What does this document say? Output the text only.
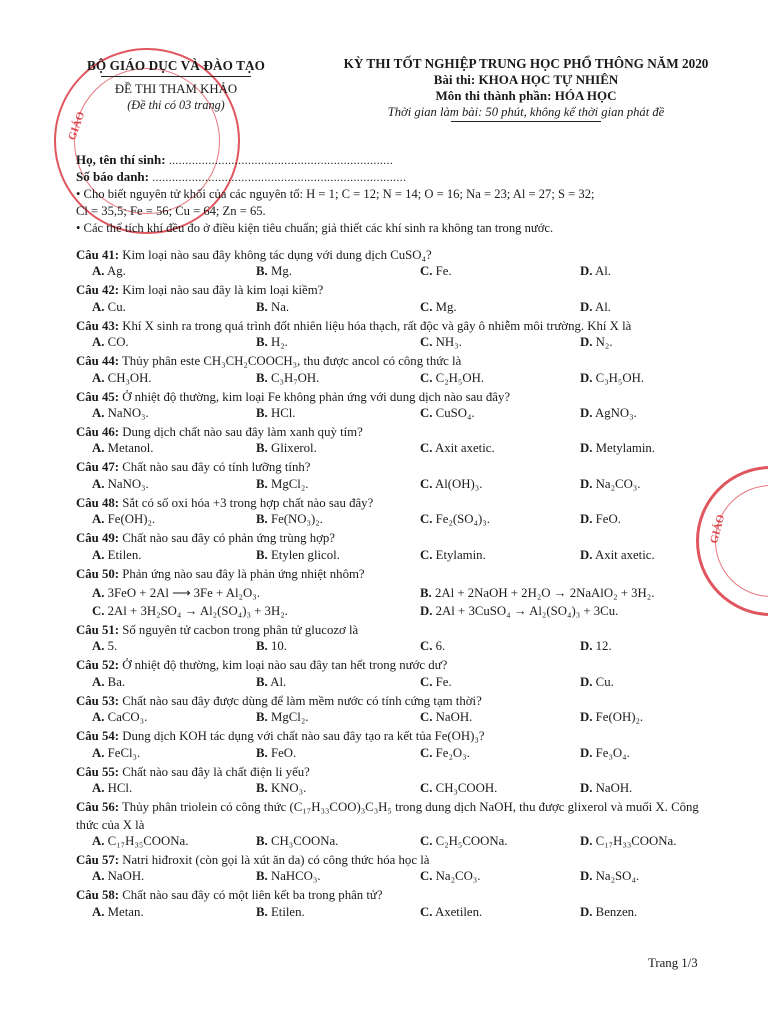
GIÁO
GIÁO
BỘ GIÁO DỤC VÀ ĐÀO TẠO
ĐỀ THI THAM KHẢO
(Đề thi có 03 trang)
KỲ THI TỐT NGHIỆP TRUNG HỌC PHỔ THÔNG NĂM 2020
Bài thi: KHOA HỌC TỰ NHIÊN
Môn thi thành phần: HÓA HỌC
Thời gian làm bài: 50 phút, không kể thời gian phát đề
Họ, tên thí sinh: ....................................................................
Số báo danh: .............................................................................
• Cho biết nguyên tử khối của các nguyên tố: H = 1; C = 12; N = 14; O = 16; Na = 23; Al = 27; S = 32;
Cl = 35,5; Fe = 56; Cu = 64; Zn = 65.
• Các thể tích khí đều đo ở điều kiện tiêu chuẩn; giả thiết các khí sinh ra không tan trong nước.
Câu 41: Kim loại nào sau đây không tác dụng với dung dịch CuSO₄?
A. Ag.	B. Mg.	C. Fe.	D. Al.
Câu 42: Kim loại nào sau đây là kim loại kiềm?
A. Cu.	B. Na.	C. Mg.	D. Al.
Câu 43: Khí X sinh ra trong quá trình đốt nhiên liệu hóa thạch, rất độc và gây ô nhiễm môi trường. Khí X là
A. CO.	B. H₂.	C. NH₃.	D. N₂.
Câu 44: Thủy phân este CH₃CH₂COOCH₃, thu được ancol có công thức là
A. CH₃OH.	B. C₃H₇OH.	C. C₂H₅OH.	D. C₃H₅OH.
Câu 45: Ở nhiệt độ thường, kim loại Fe không phản ứng với dung dịch nào sau đây?
A. NaNO₃.	B. HCl.	C. CuSO₄.	D. AgNO₃.
Câu 46: Dung dịch chất nào sau đây làm xanh quỳ tím?
A. Metanol.	B. Glixerol.	C. Axit axetic.	D. Metylamin.
Câu 47: Chất nào sau đây có tính lưỡng tính?
A. NaNO₃.	B. MgCl₂.	C. Al(OH)₃.	D. Na₂CO₃.
Câu 48: Sắt có số oxi hóa +3 trong hợp chất nào sau đây?
A. Fe(OH)₂.	B. Fe(NO₃)₂.	C. Fe₂(SO₄)₃.	D. FeO.
Câu 49: Chất nào sau đây có phản ứng trùng hợp?
A. Etilen.	B. Etylen glicol.	C. Etylamin.	D. Axit axetic.
Câu 50: Phản ứng nào sau đây là phản ứng nhiệt nhôm?
A. 3FeO + 2Al ⟶ 3Fe + Al₂O₃.	B. 2Al + 2NaOH + 2H₂O → 2NaAlO₂ + 3H₂.
C. 2Al + 3H₂SO₄ → Al₂(SO₄)₃ + 3H₂.	D. 2Al + 3CuSO₄ → Al₂(SO₄)₃ + 3Cu.
Câu 51: Số nguyên tử cacbon trong phân tử glucozơ là
A. 5.	B. 10.	C. 6.	D. 12.
Câu 52: Ở nhiệt độ thường, kim loại nào sau đây tan hết trong nước dư?
A. Ba.	B. Al.	C. Fe.	D. Cu.
Câu 53: Chất nào sau đây được dùng để làm mềm nước có tính cứng tạm thời?
A. CaCO₃.	B. MgCl₂.	C. NaOH.	D. Fe(OH)₂.
Câu 54: Dung dịch KOH tác dụng với chất nào sau đây tạo ra kết tủa Fe(OH)₃?
A. FeCl₃.	B. FeO.	C. Fe₂O₃.	D. Fe₃O₄.
Câu 55: Chất nào sau đây là chất điện li yếu?
A. HCl.	B. KNO₃.	C. CH₃COOH.	D. NaOH.
Câu 56: Thủy phân triolein có công thức (C₁₇H₃₃COO)₃C₃H₅ trong dung dịch NaOH, thu được glixerol và muối X. Công thức của X là
A. C₁₇H₃₅COONa.	B. CH₃COONa.	C. C₂H₅COONa.	D. C₁₇H₃₃COONa.
Câu 57: Natri hiđroxit (còn gọi là xút ăn da) có công thức hóa học là
A. NaOH.	B. NaHCO₃.	C. Na₂CO₃.	D. Na₂SO₄.
Câu 58: Chất nào sau đây có một liên kết ba trong phân tử?
A. Metan.	B. Etilen.	C. Axetilen.	D. Benzen.
Trang 1/3
